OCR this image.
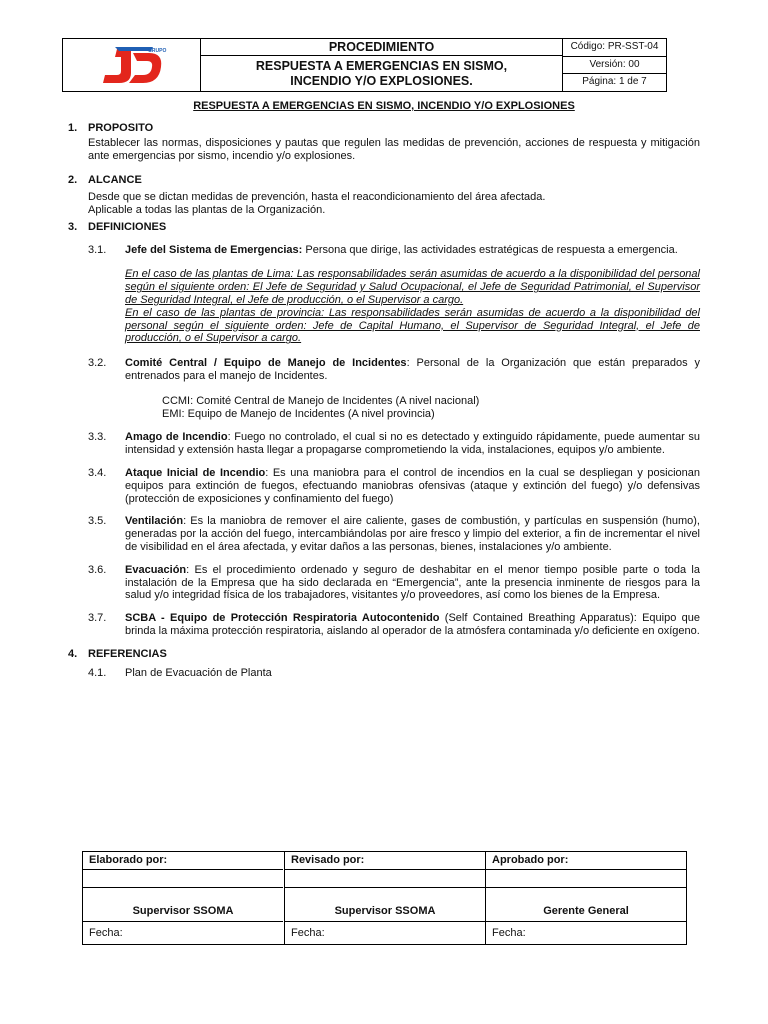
GRUPO	PROCEDIMIENTO
RESPUESTA A EMERGENCIAS EN SISMO,
INCENDIO Y/O EXPLOSIONES.
Código: PR-SST-04
Versión: 00
Página: 1 de 7
RESPUESTA A EMERGENCIAS EN SISMO, INCENDIO Y/O EXPLOSIONES
1. PROPOSITO
Establecer las normas, disposiciones y pautas que regulen las medidas de prevención, acciones de respuesta y mitigación ante emergencias por sismo, incendio y/o explosiones.
2. ALCANCE
Desde que se dictan medidas de prevención, hasta el reacondicionamiento del área afectada.
Aplicable a todas las plantas de la Organización.
3. DEFINICIONES
3.1. Jefe del Sistema de Emergencias: Persona que dirige, las actividades estratégicas de respuesta a emergencia.
En el caso de las plantas de Lima: Las responsabilidades serán asumidas de acuerdo a la disponibilidad del personal según el siguiente orden: El Jefe de Seguridad y Salud Ocupacional, el Jefe de Seguridad Patrimonial, el Supervisor de Seguridad Integral, el Jefe de producción, o el Supervisor a cargo.
En el caso de las plantas de provincia: Las responsabilidades serán asumidas de acuerdo a la disponibilidad del personal según el siguiente orden: Jefe de Capital Humano, el Supervisor de Seguridad Integral, el Jefe de producción, o el Supervisor a cargo.
3.2. Comité Central / Equipo de Manejo de Incidentes: Personal de la Organización que están preparados y entrenados para el manejo de Incidentes.
CCMI: Comité Central de Manejo de Incidentes (A nivel nacional)
EMI: Equipo de Manejo de Incidentes (A nivel provincia)
3.3. Amago de Incendio: Fuego no controlado, el cual si no es detectado y extinguido rápidamente, puede aumentar su intensidad y extensión hasta llegar a propagarse comprometiendo la vida, instalaciones, equipos y/o ambiente.
3.4. Ataque Inicial de Incendio: Es una maniobra para el control de incendios en la cual se despliegan y posicionan equipos para extinción de fuegos, efectuando maniobras ofensivas (ataque y extinción del fuego) y/o defensivas (protección de exposiciones y confinamiento del fuego)
3.5. Ventilación: Es la maniobra de remover el aire caliente, gases de combustión, y partículas en suspensión (humo), generadas por la acción del fuego, intercambiándolas por aire fresco y limpio del exterior, a fin de incrementar el nivel de visibilidad en el área afectada, y evitar daños a las personas, bienes, instalaciones y/o ambiente.
3.6. Evacuación: Es el procedimiento ordenado y seguro de deshabitar en el menor tiempo posible parte o toda la instalación de la Empresa que ha sido declarada en “Emergencia”, ante la presencia inminente de riesgos para la salud y/o integridad física de los trabajadores, visitantes y/o proveedores, así como los bienes de la Empresa.
3.7. SCBA - Equipo de Protección Respiratoria Autocontenido (Self Contained Breathing Apparatus): Equipo que brinda la máxima protección respiratoria, aislando al operador de la atmósfera contaminada y/o deficiente en oxígeno.
4. REFERENCIAS
4.1. Plan de Evacuación de Planta
Elaborado por:
Supervisor SSOMA
Fecha:
Revisado por:
Supervisor SSOMA
Fecha:
Aprobado por:
Gerente General
Fecha:
